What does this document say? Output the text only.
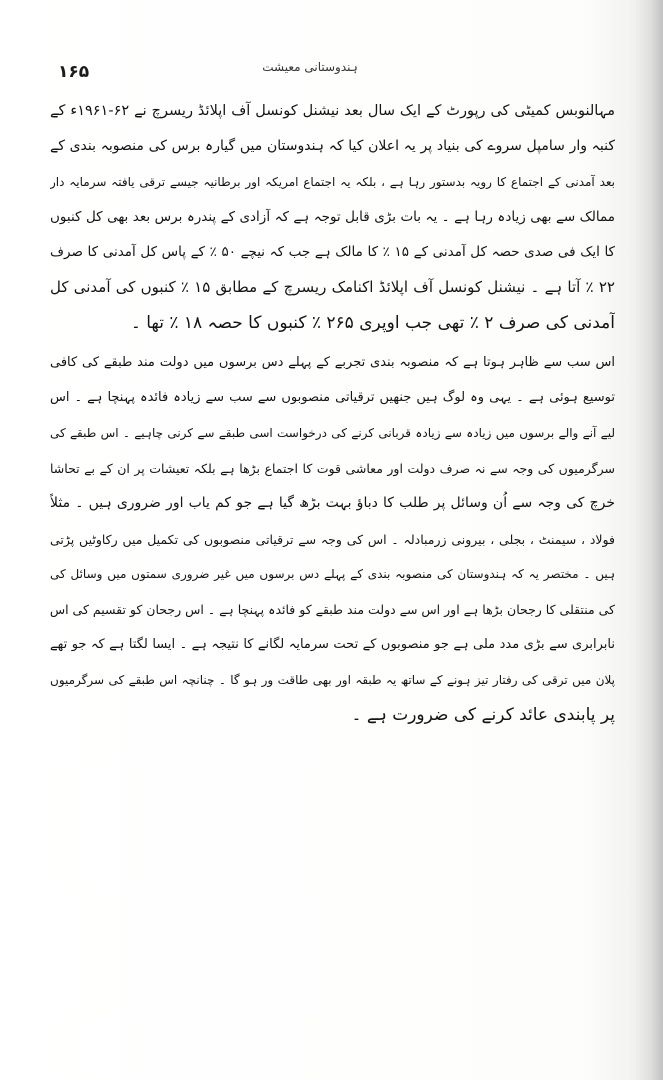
۱۶۵	ہندوستانی معیشت
مہالنوبس کمیٹی کی رپورٹ کے ایک سال بعد نیشنل کونسل آف اپلائڈ ریسرچ نے ۶۲-۱۹۶۱ء کے
کنبہ وار سامپل سروے کی بنیاد پر یہ اعلان کیا کہ ہندوستان میں گیارہ برس کی منصوبہ بندی کے
بعد آمدنی کے اجتماع کا رویہ بدستور رہا ہے ، بلکہ یہ اجتماع امریکہ اور برطانیہ جیسے ترقی یافتہ سرمایہ دار
ممالک سے بھی زیادہ رہا ہے ۔ یہ بات بڑی قابل توجہ ہے کہ آزادی کے پندرہ برس بعد بھی کل کنبوں
کا ایک فی صدی حصہ کل آمدنی کے ۱۵ ٪ کا مالک ہے جب کہ نیچے ۵۰ ٪ کے پاس کل آمدنی کا صرف
۲۲ ٪ آتا ہے ۔ نیشنل کونسل آف اپلائڈ اکنامک ریسرچ کے مطابق ۱۵ ٪ کنبوں کی آمدنی کل
آمدنی کی صرف ۲ ٪ تھی جب اوپری ۲۶۵ ٪ کنبوں کا حصہ ۱۸ ٪ تھا ۔
اس سب سے ظاہر ہوتا ہے کہ منصوبہ بندی تجربے کے پہلے دس برسوں میں دولت مند طبقے کی کافی
توسیع ہوئی ہے ۔ یہی وہ لوگ ہیں جنھیں ترقیاتی منصوبوں سے سب سے زیادہ فائدہ پہنچا ہے ۔ اس
لیے آنے والے برسوں میں زیادہ سے زیادہ قربانی کرنے کی درخواست اسی طبقے سے کرنی چاہیے ۔ اس طبقے کی
سرگرمیوں کی وجہ سے نہ صرف دولت اور معاشی قوت کا اجتماع بڑھا ہے بلکہ تعیشات پر ان کے بے تحاشا
خرچ کی وجہ سے اُن وسائل پر طلب کا دباؤ بہت بڑھ گیا ہے جو کم یاب اور ضروری ہیں ۔ مثلاً
فولاد ، سیمنٹ ، بجلی ، بیرونی زرمبادلہ ۔ اس کی وجہ سے ترقیاتی منصوبوں کی تکمیل میں رکاوٹیں پڑتی
ہیں ۔ مختصر یہ کہ ہندوستان کی منصوبہ بندی کے پہلے دس برسوں میں غیر ضروری سمتوں میں وسائل کی
کی منتقلی کا رجحان بڑھا ہے اور اس سے دولت مند طبقے کو فائدہ پہنچا ہے ۔ اس رجحان کو تقسیم کی اس
نابرابری سے بڑی مدد ملی ہے جو منصوبوں کے تحت سرمایہ لگانے کا نتیجہ ہے ۔ ایسا لگتا ہے کہ جو تھے
پلان میں ترقی کی رفتار تیز ہونے کے ساتھ یہ طبقہ اور بھی طاقت ور ہو گا ۔ چنانچہ اس طبقے کی سرگرمیوں
پر پابندی عائد کرنے کی ضرورت ہے ۔
